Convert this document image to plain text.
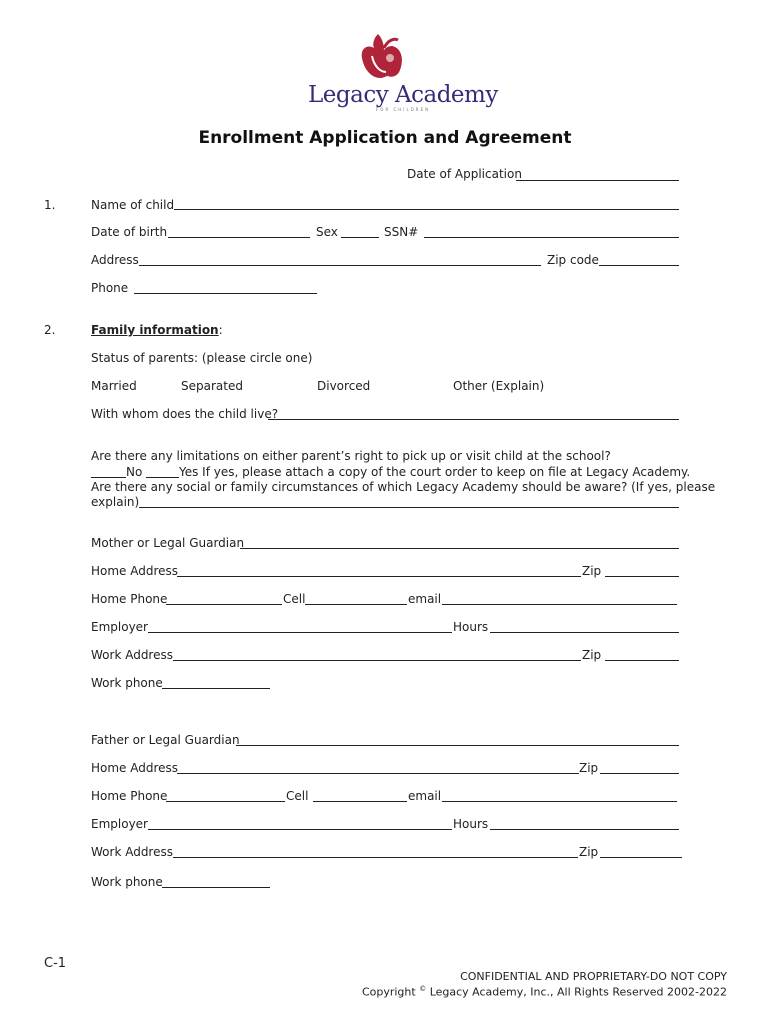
Legacy Academy
FOR CHILDREN
Enrollment Application and Agreement
Date of Application
1.	Name of child
Date of birth	Sex	SSN#
Address	Zip code
Phone
2.	Family information:
Status of parents: (please circle one)
Married	Separated	Divorced	Other (Explain)
With whom does the child live?
Are there any limitations on either parent’s right to pick up or visit child at the school?
No	Yes If yes, please attach a copy of the court order to keep on file at Legacy Academy.
Are there any social or family circumstances of which Legacy Academy should be aware? (If yes, please
explain)
Mother or Legal Guardian
Home Address	Zip
Home Phone	Cell	email
Employer	Hours
Work Address	Zip
Work phone
Father or Legal Guardian
Home Address	Zip
Home Phone	Cell	email
Employer	Hours
Work Address	Zip
Work phone
C-1
CONFIDENTIAL AND PROPRIETARY-DO NOT COPY
Copyright © Legacy Academy, Inc., All Rights Reserved 2002-2022
